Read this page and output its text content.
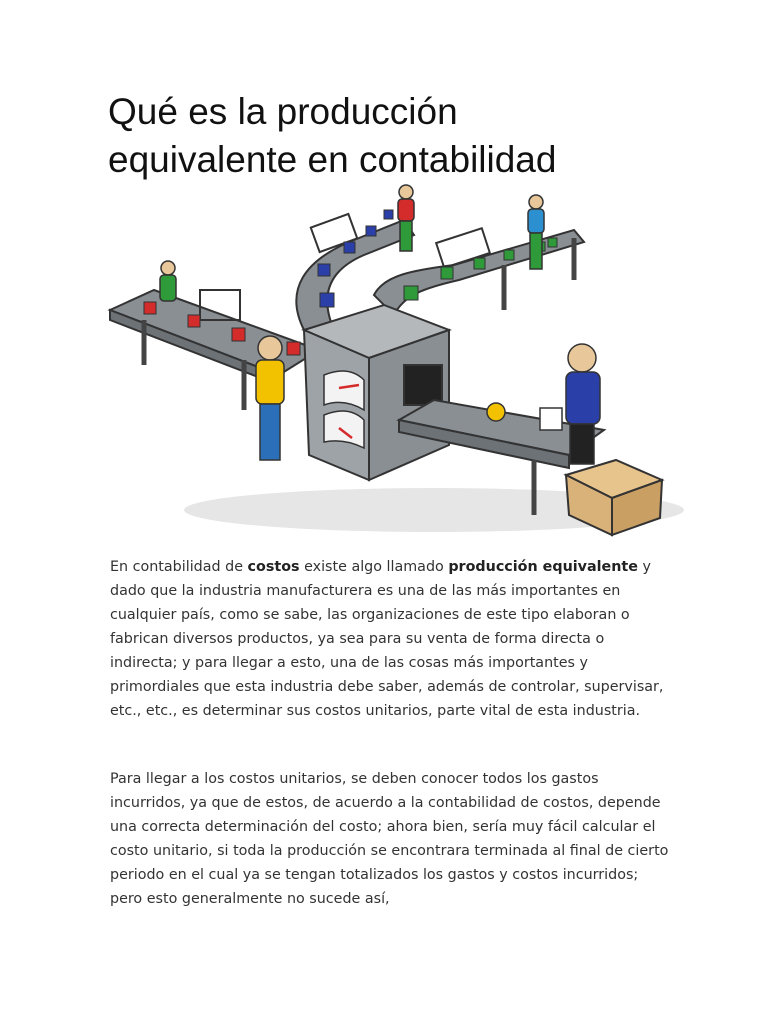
Qué es la producción
equivalente en contabilidad

En contabilidad de costos existe algo llamado producción equivalente y dado que la industria manufacturera es una de las más importantes en cualquier país, como se sabe, las organizaciones de este tipo elaboran o fabrican diversos productos, ya sea para su venta de forma directa o indirecta; y para llegar a esto, una de las cosas más importantes y primordiales que esta industria debe saber, además de controlar, supervisar, etc., etc., es determinar sus costos unitarios, parte vital de esta industria.

Para llegar a los costos unitarios, se deben conocer todos los gastos incurridos, ya que de estos, de acuerdo a la contabilidad de costos, depende una correcta determinación del costo; ahora bien, sería muy fácil calcular el costo unitario, si toda la producción se encontrara terminada al final de cierto periodo en el cual ya se tengan totalizados los gastos y costos incurridos; pero esto generalmente no sucede así,
